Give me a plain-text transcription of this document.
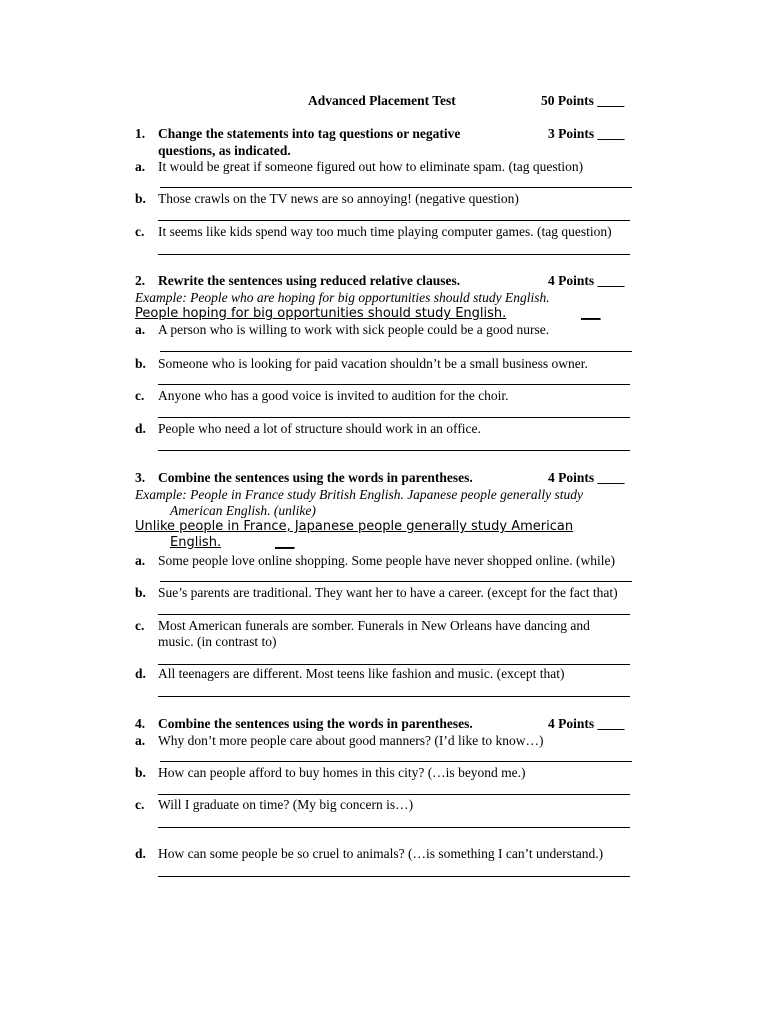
Advanced Placement Test	50 Points ____
1. Change the statements into tag questions or negative
questions, as indicated.
3 Points ____
a. It would be great if someone figured out how to eliminate spam. (tag question)
b. Those crawls on the TV news are so annoying! (negative question)
c. It seems like kids spend way too much time playing computer games. (tag question)
2. Rewrite the sentences using reduced relative clauses.	4 Points ____
Example: People who are hoping for big opportunities should study English.
People hoping for big opportunities should study English.	___
a. A person who is willing to work with sick people could be a good nurse.
b. Someone who is looking for paid vacation shouldn’t be a small business owner.
c. Anyone who has a good voice is invited to audition for the choir.
d. People who need a lot of structure should work in an office.
3. Combine the sentences using the words in parentheses.	4 Points ____
Example: People in France study British English. Japanese people generally study
American English. (unlike)
Unlike people in France, Japanese people generally study American
English.	___
a. Some people love online shopping. Some people have never shopped online. (while)
b. Sue’s parents are traditional. They want her to have a career. (except for the fact that)
c. Most American funerals are somber. Funerals in New Orleans have dancing and
music. (in contrast to)
d. All teenagers are different. Most teens like fashion and music. (except that)
4. Combine the sentences using the words in parentheses.	4 Points ____
a. Why don’t more people care about good manners? (I’d like to know…)
b. How can people afford to buy homes in this city? (…is beyond me.)
c. Will I graduate on time? (My big concern is…)
d. How can some people be so cruel to animals? (…is something I can’t understand.)
